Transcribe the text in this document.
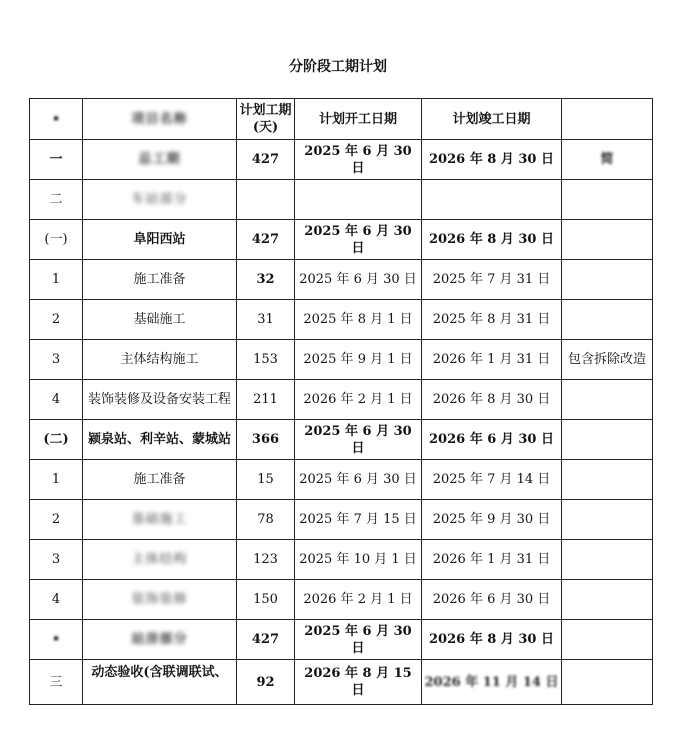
分阶段工期计划
•	项目名称	计划工期(天)	计划开工日期	计划竣工日期	
一	总工期	427	2025 年 6 月 30 日	2026 年 8 月 30 日	简
二	车站部分				
(一)	阜阳西站	427	2025 年 6 月 30 日	2026 年 8 月 30 日	
1	施工准备	32	2025 年 6 月 30 日	2025 年 7 月 31 日	
2	基础施工	31	2025 年 8 月 1 日	2025 年 8 月 31 日	
3	主体结构施工	153	2025 年 9 月 1 日	2026 年 1 月 31 日	包含拆除改造
4	装饰装修及设备安装工程	211	2026 年 2 月 1 日	2026 年 8 月 30 日	
(二)	颍泉站、利辛站、蒙城站	366	2025 年 6 月 30 日	2026 年 6 月 30 日	
1	施工准备	15	2025 年 6 月 30 日	2025 年 7 月 14 日	
2	基础施工	78	2025 年 7 月 15 日	2025 年 9 月 30 日	
3	主体结构	123	2025 年 10 月 1 日	2026 年 1 月 31 日	
4	装饰装修	150	2026 年 2 月 1 日	2026 年 6 月 30 日	
•	站房部分	427	2025 年 6 月 30 日	2026 年 8 月 30 日	
三	动态验收(含联调联试、	92	2026 年 8 月 15 日	2026 年 11 月 14 日	
